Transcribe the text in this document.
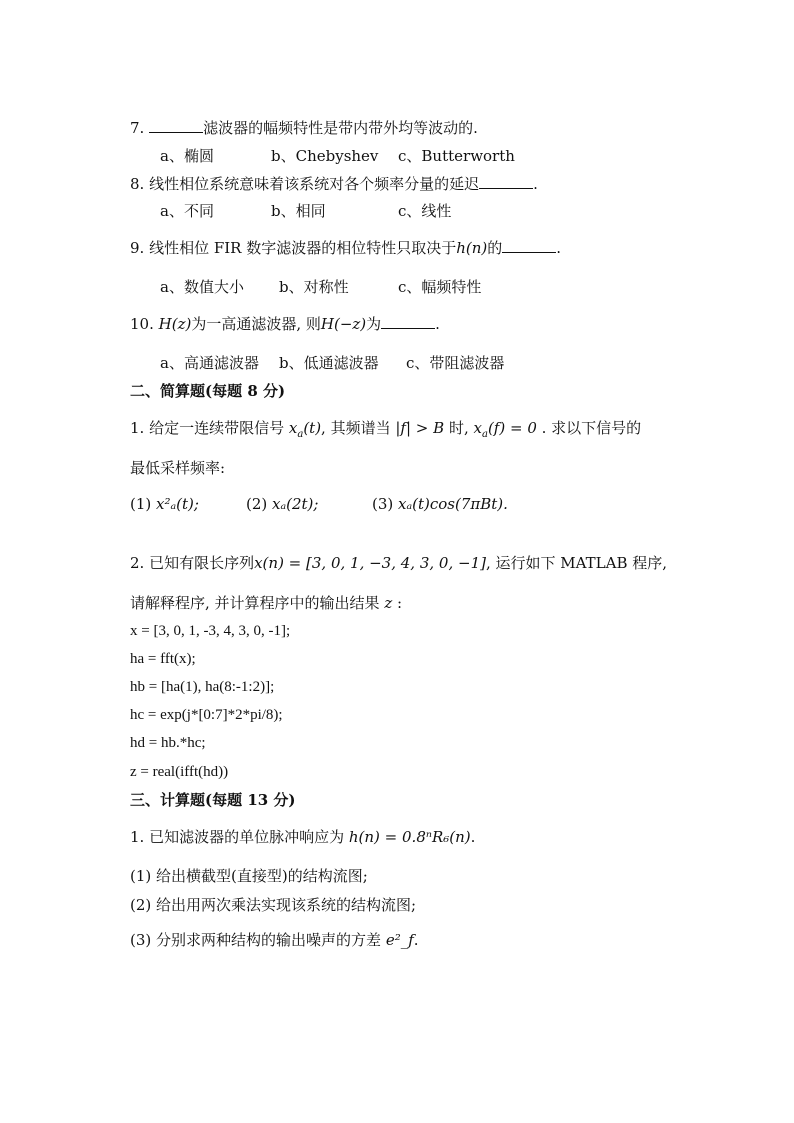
7.	滤波器的幅频特性是带内带外均等波动的.
a、椭圆	b、Chebyshev c、Butterworth
8. 线性相位系统意味着该系统对各个频率分量的延迟	.
a、不同	b、相同	c、线性
9. 线性相位 FIR 数字滤波器的相位特性只取决于h(n)的	.
a、数值大小 b、对称性	c、幅频特性
10. H(z)为一高通滤波器, 则H(−z)为	.
a、高通滤波器 b、低通滤波器 c、带阻滤波器
二、简算题(每题 8 分)
1. 给定一连续带限信号 $x_a(t)$, 其频谱当 |f| > B 时, $x_a(f) = 0$ . 求以下信号的
最低采样频率:
(1) x²ₐ(t);	(2) xₐ(2t);	(3) xₐ(t)cos(7πBt).
2. 已知有限长序列x(n) = [3, 0, 1, −3, 4, 3, 0, −1], 运行如下 MATLAB 程序,
请解释程序, 并计算程序中的输出结果 z :
x = [3, 0, 1, -3, 4, 3, 0, -1];
ha = fft(x);
hb = [ha(1), ha(8:-1:2)];
hc = exp(j*[0:7]*2*pi/8);
hd = hb.*hc;
z = real(ifft(hd))
三、计算题(每题 13 分)
1. 已知滤波器的单位脉冲响应为 h(n) = 0.8ⁿR₆(n).
(1) 给出横截型(直接型)的结构流图;
(2) 给出用两次乘法实现该系统的结构流图;
(3) 分别求两种结构的输出噪声的方差 e²_f.
